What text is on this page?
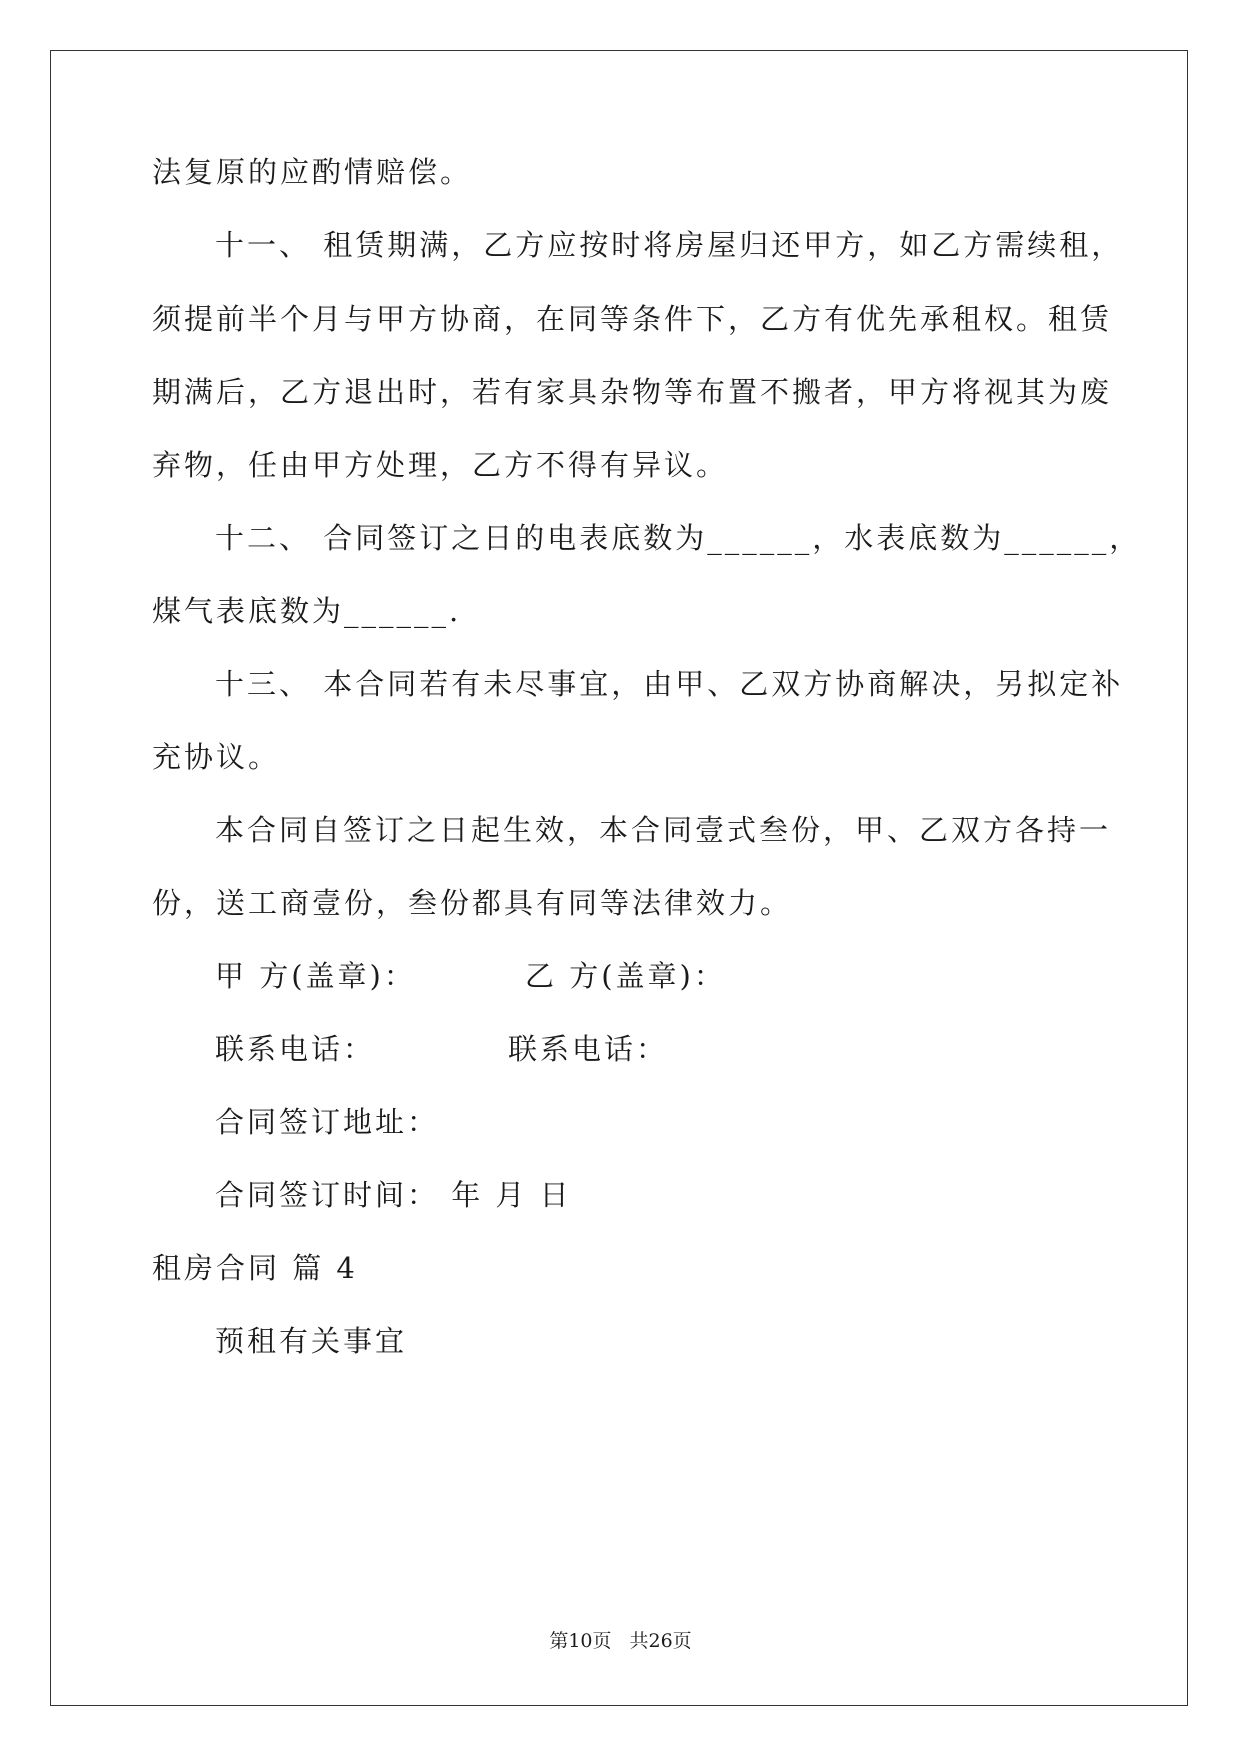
法复原的应酌情赔偿。
十一、 租赁期满，乙方应按时将房屋归还甲方，如乙方需续租，
须提前半个月与甲方协商，在同等条件下，乙方有优先承租权。租赁
期满后，乙方退出时，若有家具杂物等布置不搬者，甲方将视其为废
弃物，任由甲方处理，乙方不得有异议。
十二、 合同签订之日的电表底数为______，水表底数为______，
煤气表底数为______.
十三、 本合同若有未尽事宜，由甲、乙双方协商解决，另拟定补
充协议。
本合同自签订之日起生效，本合同壹式叁份，甲、乙双方各持一
份，送工商壹份，叁份都具有同等法律效力。
甲 方(盖章)：	乙 方(盖章)：
联系电话：	联系电话：
合同签订地址：
合同签订时间： 年 月 日
租房合同 篇 4
预租有关事宜
第10页 共26页
